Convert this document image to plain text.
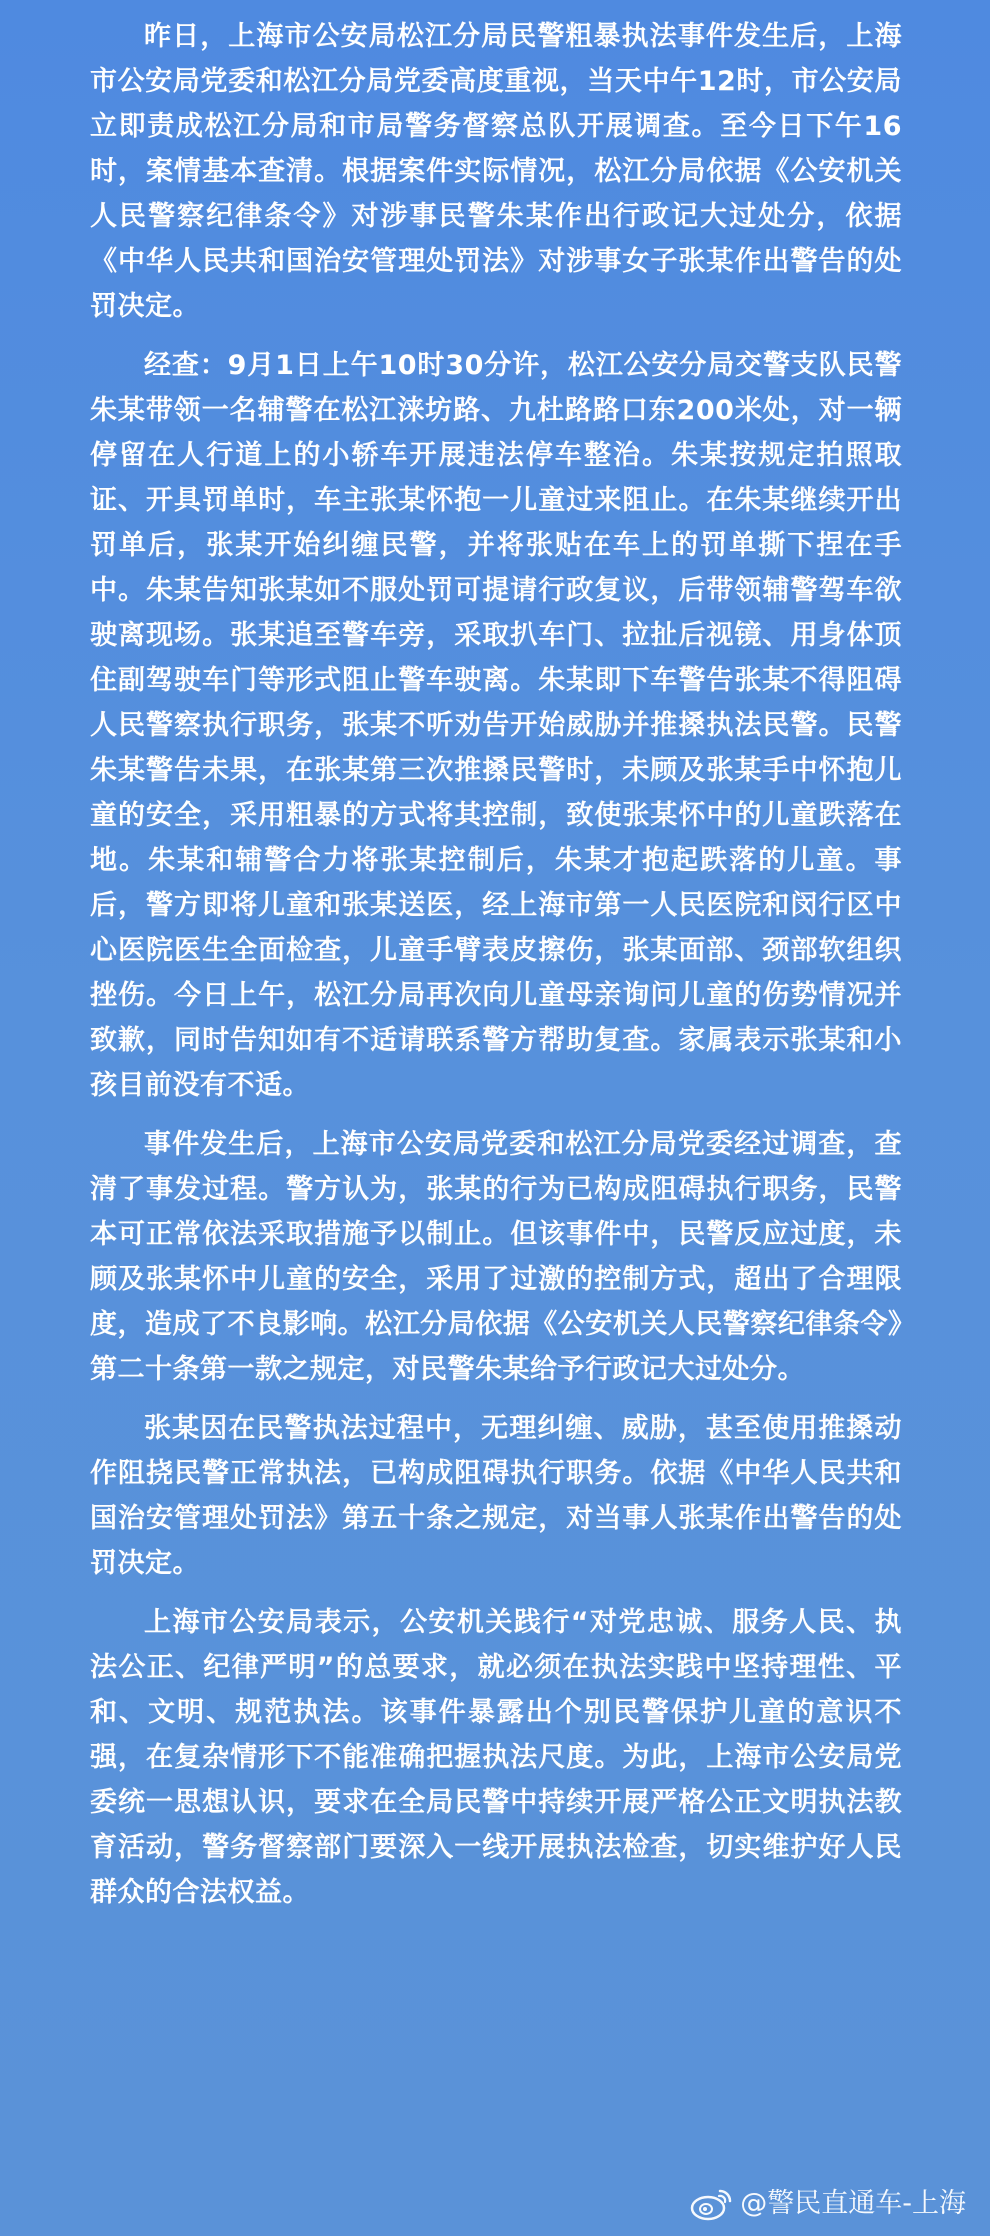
昨日，上海市公安局松江分局民警粗暴执法事件发生后，上海市公安局党委和松江分局党委高度重视，当天中午12时，市公安局立即责成松江分局和市局警务督察总队开展调查。至今日下午16时，案情基本查清。根据案件实际情况，松江分局依据《公安机关人民警察纪律条令》对涉事民警朱某作出行政记大过处分，依据《中华人民共和国治安管理处罚法》对涉事女子张某作出警告的处罚决定。

经查：9月1日上午10时30分许，松江公安分局交警支队民警朱某带领一名辅警在松江涞坊路、九杜路路口东200米处，对一辆停留在人行道上的小轿车开展违法停车整治。朱某按规定拍照取证、开具罚单时，车主张某怀抱一儿童过来阻止。在朱某继续开出罚单后，张某开始纠缠民警，并将张贴在车上的罚单撕下捏在手中。朱某告知张某如不服处罚可提请行政复议，后带领辅警驾车欲驶离现场。张某追至警车旁，采取扒车门、拉扯后视镜、用身体顶住副驾驶车门等形式阻止警车驶离。朱某即下车警告张某不得阻碍人民警察执行职务，张某不听劝告开始威胁并推搡执法民警。民警朱某警告未果，在张某第三次推搡民警时，未顾及张某手中怀抱儿童的安全，采用粗暴的方式将其控制，致使张某怀中的儿童跌落在地。朱某和辅警合力将张某控制后，朱某才抱起跌落的儿童。事后，警方即将儿童和张某送医，经上海市第一人民医院和闵行区中心医院医生全面检查，儿童手臂表皮擦伤，张某面部、颈部软组织挫伤。今日上午，松江分局再次向儿童母亲询问儿童的伤势情况并致歉，同时告知如有不适请联系警方帮助复查。家属表示张某和小孩目前没有不适。

事件发生后，上海市公安局党委和松江分局党委经过调查，查清了事发过程。警方认为，张某的行为已构成阻碍执行职务，民警本可正常依法采取措施予以制止。但该事件中，民警反应过度，未顾及张某怀中儿童的安全，采用了过激的控制方式，超出了合理限度，造成了不良影响。松江分局依据《公安机关人民警察纪律条令》第二十条第一款之规定，对民警朱某给予行政记大过处分。

张某因在民警执法过程中，无理纠缠、威胁，甚至使用推搡动作阻挠民警正常执法，已构成阻碍执行职务。依据《中华人民共和国治安管理处罚法》第五十条之规定，对当事人张某作出警告的处罚决定。

上海市公安局表示，公安机关践行“对党忠诚、服务人民、执法公正、纪律严明”的总要求，就必须在执法实践中坚持理性、平和、文明、规范执法。该事件暴露出个别民警保护儿童的意识不强，在复杂情形下不能准确把握执法尺度。为此，上海市公安局党委统一思想认识，要求在全局民警中持续开展严格公正文明执法教育活动，警务督察部门要深入一线开展执法检查，切实维护好人民群众的合法权益。

@警民直通车-上海
